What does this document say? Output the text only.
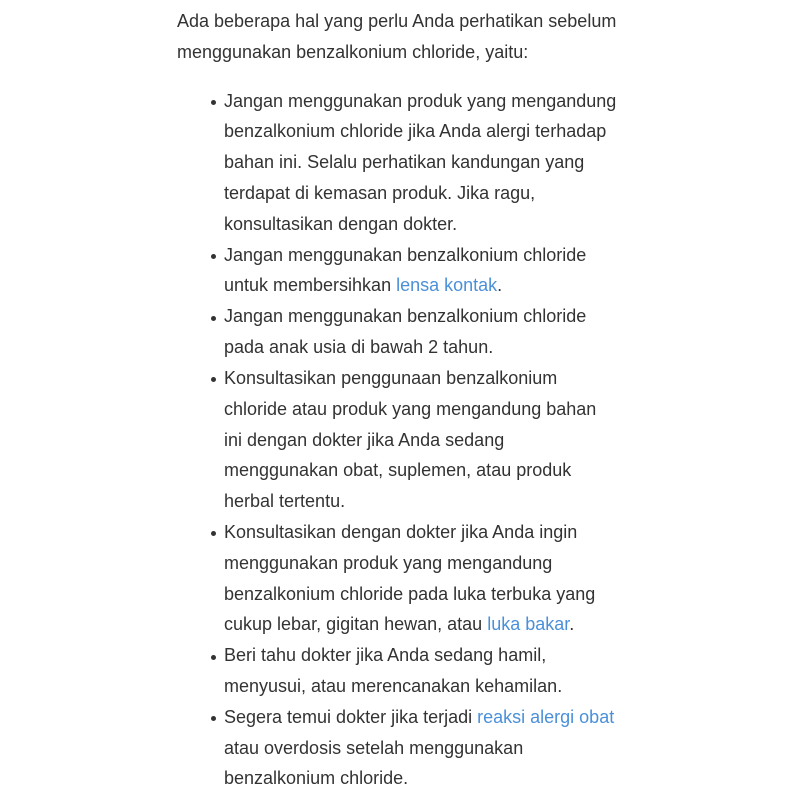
Ada beberapa hal yang perlu Anda perhatikan sebelum
menggunakan benzalkonium chloride, yaitu:
Jangan menggunakan produk yang mengandung
benzalkonium chloride jika Anda alergi terhadap
bahan ini. Selalu perhatikan kandungan yang
terdapat di kemasan produk. Jika ragu,
konsultasikan dengan dokter.
Jangan menggunakan benzalkonium chloride
untuk membersihkan lensa kontak.
Jangan menggunakan benzalkonium chloride
pada anak usia di bawah 2 tahun.
Konsultasikan penggunaan benzalkonium
chloride atau produk yang mengandung bahan
ini dengan dokter jika Anda sedang
menggunakan obat, suplemen, atau produk
herbal tertentu.
Konsultasikan dengan dokter jika Anda ingin
menggunakan produk yang mengandung
benzalkonium chloride pada luka terbuka yang
cukup lebar, gigitan hewan, atau luka bakar.
Beri tahu dokter jika Anda sedang hamil,
menyusui, atau merencanakan kehamilan.
Segera temui dokter jika terjadi reaksi alergi obat
atau overdosis setelah menggunakan
benzalkonium chloride.
